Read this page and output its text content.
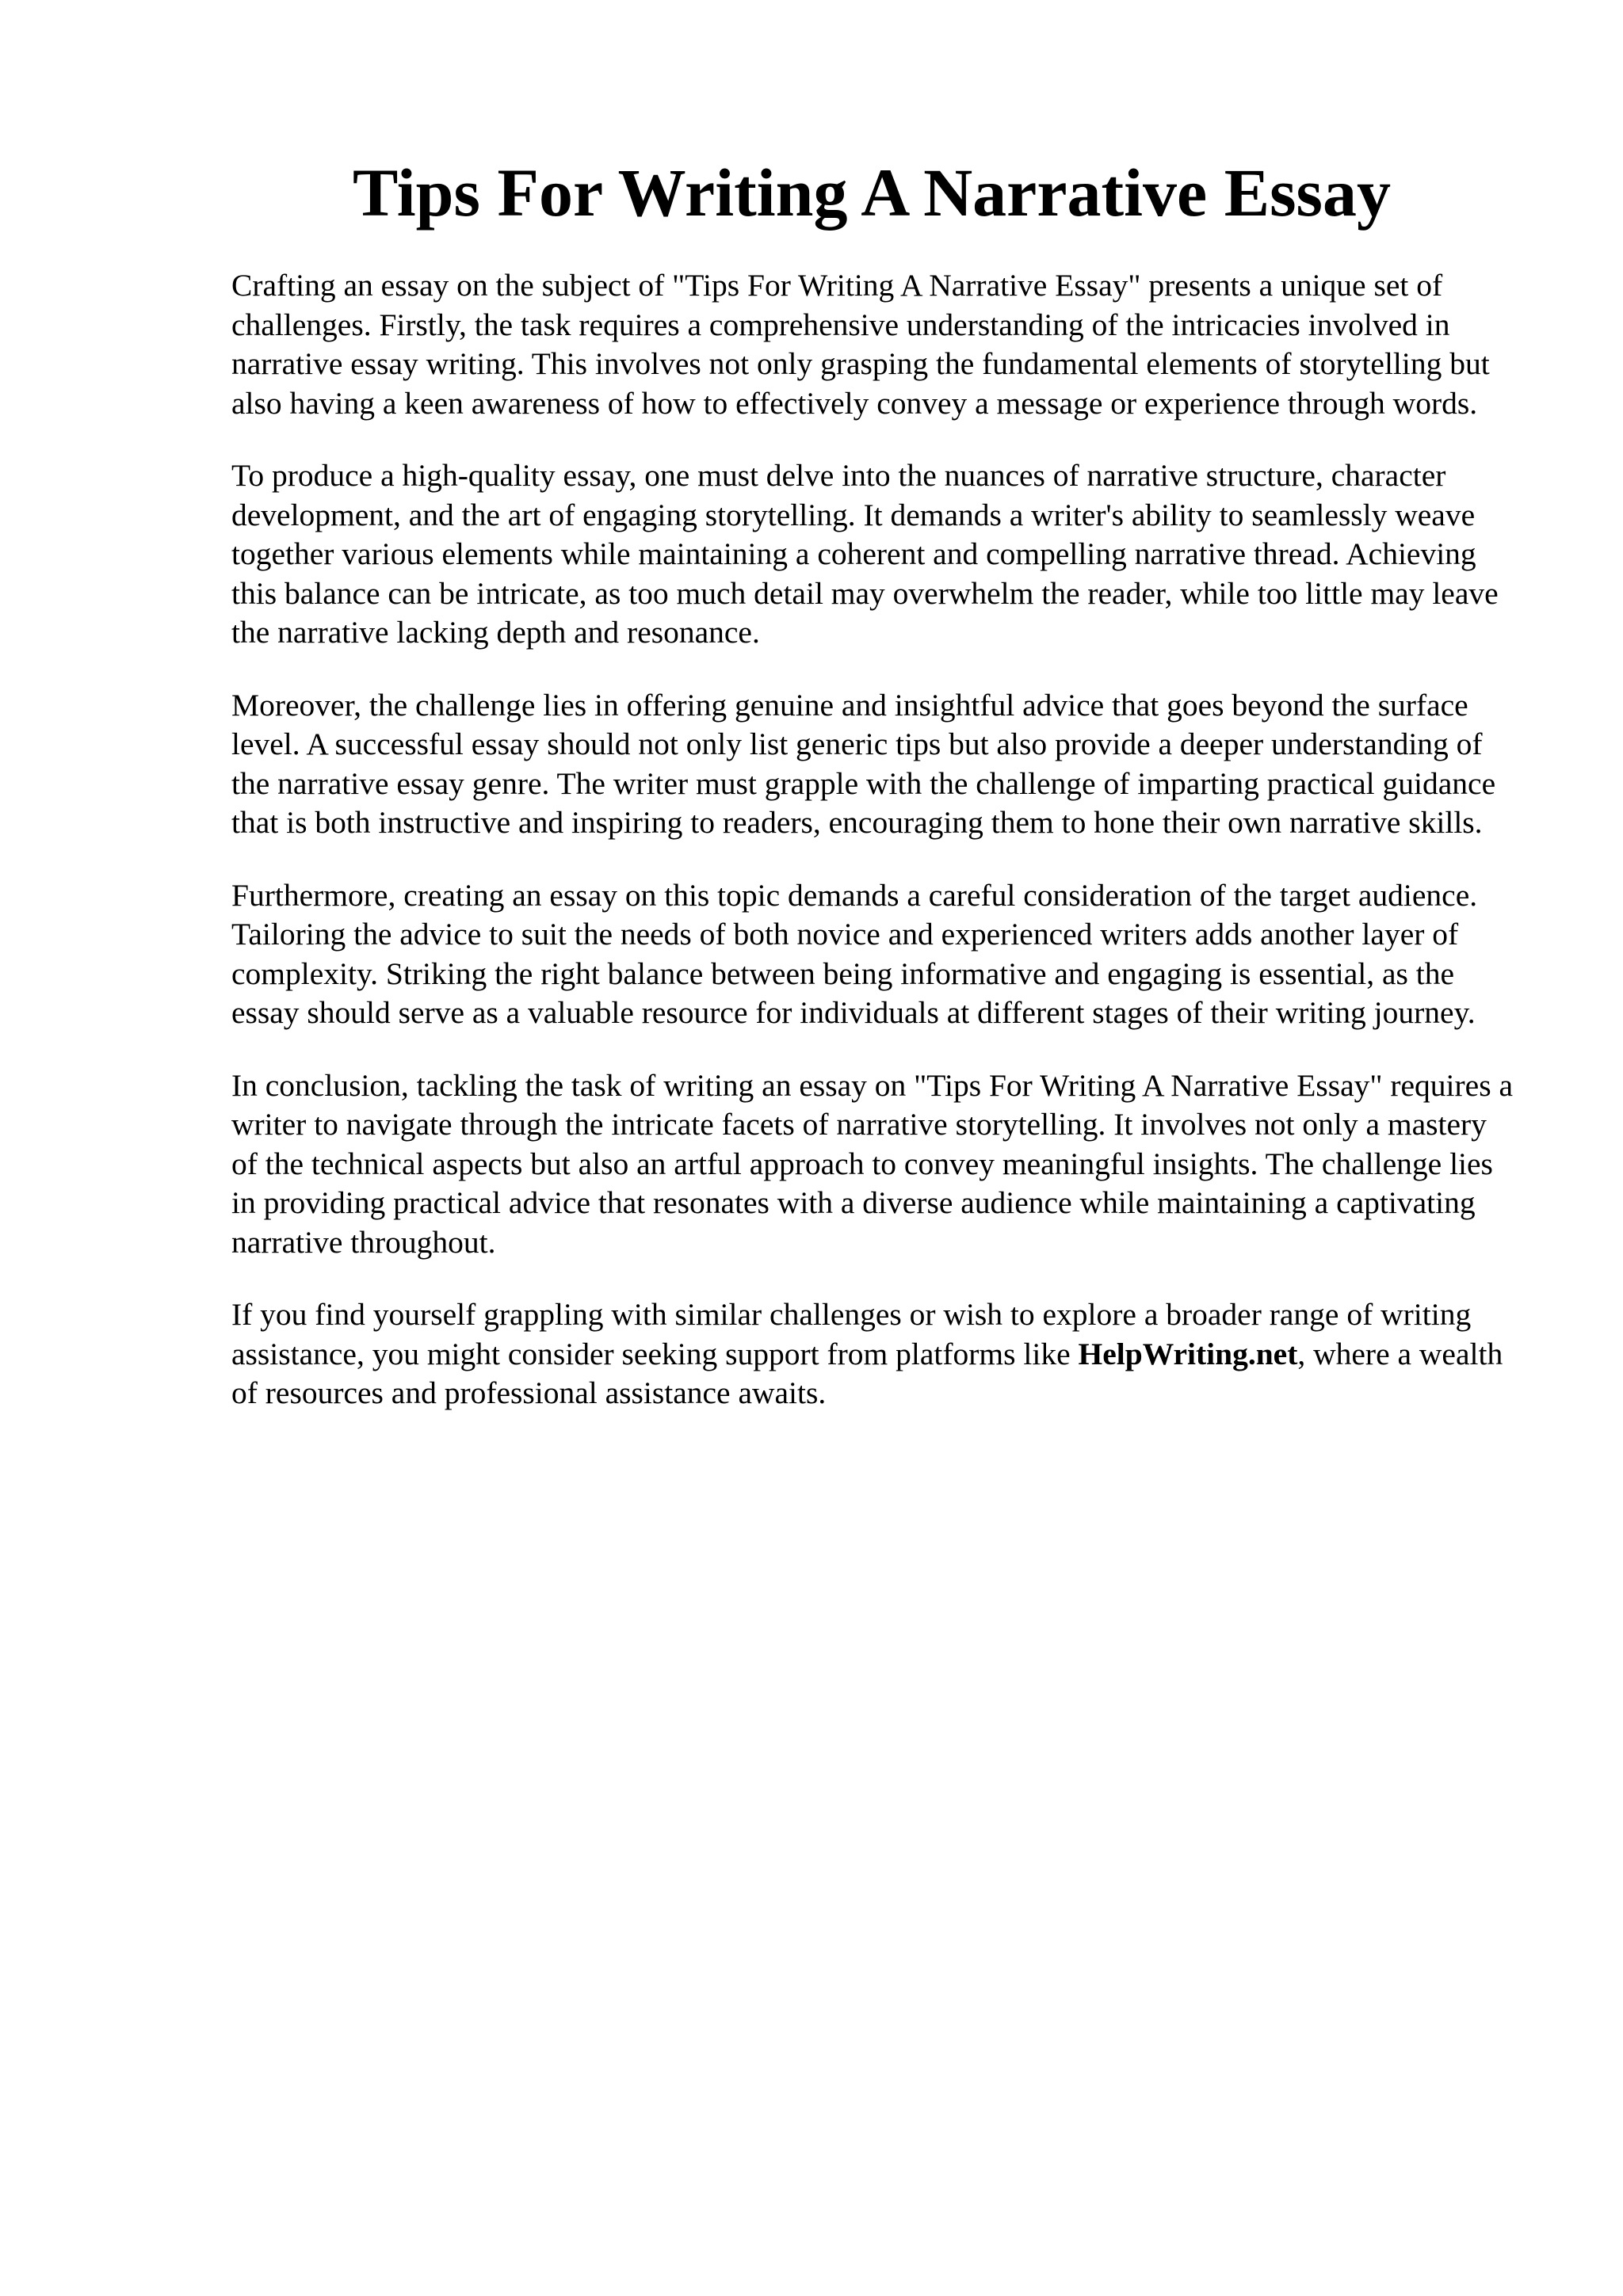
Tips For Writing A Narrative Essay

Crafting an essay on the subject of "Tips For Writing A Narrative Essay" presents a unique set of challenges. Firstly, the task requires a comprehensive understanding of the intricacies involved in narrative essay writing. This involves not only grasping the fundamental elements of storytelling but also having a keen awareness of how to effectively convey a message or experience through words.

To produce a high-quality essay, one must delve into the nuances of narrative structure, character development, and the art of engaging storytelling. It demands a writer's ability to seamlessly weave together various elements while maintaining a coherent and compelling narrative thread. Achieving this balance can be intricate, as too much detail may overwhelm the reader, while too little may leave the narrative lacking depth and resonance.

Moreover, the challenge lies in offering genuine and insightful advice that goes beyond the surface level. A successful essay should not only list generic tips but also provide a deeper understanding of the narrative essay genre. The writer must grapple with the challenge of imparting practical guidance that is both instructive and inspiring to readers, encouraging them to hone their own narrative skills.

Furthermore, creating an essay on this topic demands a careful consideration of the target audience. Tailoring the advice to suit the needs of both novice and experienced writers adds another layer of complexity. Striking the right balance between being informative and engaging is essential, as the essay should serve as a valuable resource for individuals at different stages of their writing journey.

In conclusion, tackling the task of writing an essay on "Tips For Writing A Narrative Essay" requires a writer to navigate through the intricate facets of narrative storytelling. It involves not only a mastery of the technical aspects but also an artful approach to convey meaningful insights. The challenge lies in providing practical advice that resonates with a diverse audience while maintaining a captivating narrative throughout.

If you find yourself grappling with similar challenges or wish to explore a broader range of writing assistance, you might consider seeking support from platforms like HelpWriting.net, where a wealth of resources and professional assistance awaits.
